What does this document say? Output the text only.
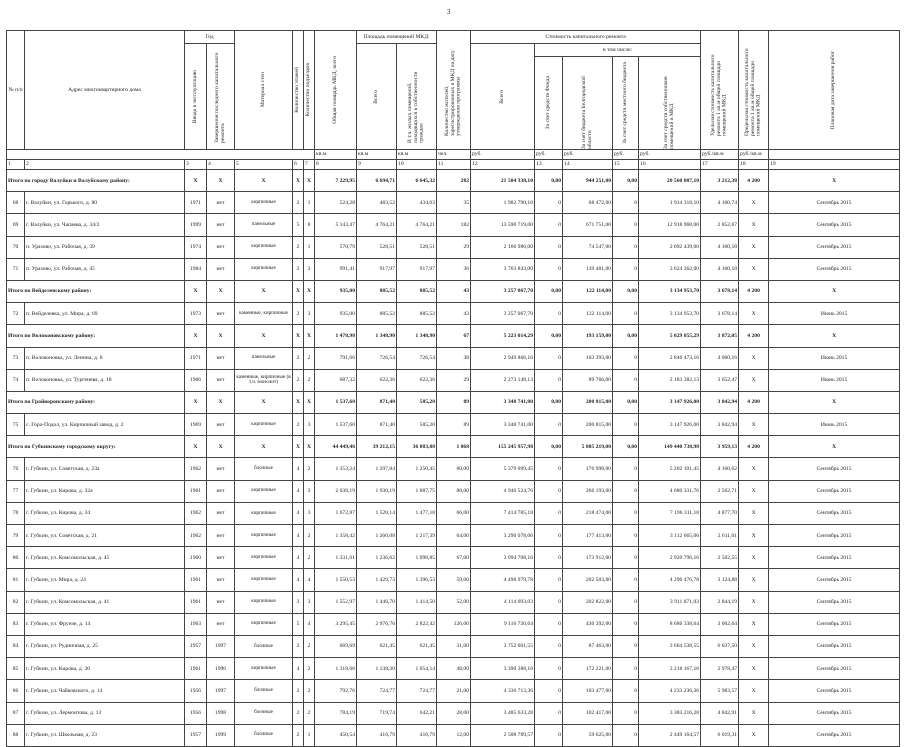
3
№ п/п	Адрес многоквартирного дома	Год		Материал стен	Количество этажей	Количество подъездов	Общая площадь МКД, всего	Площадь помещений МКД:		Количество жителей, зарегистрированных в МКД на дату утверждения программы	Стоимость капитального ремонта					Удельная стоимость капитального ремонта 1 кв.м общей площади помещений МКД	Предельная стоимость капитального ремонта 1 кв.м общей площади помещений МКД	Плановая дата завершения работ

		Ввода в эксплуатацию	Завершения последнего капитального ремонта					Всего	В т.ч. жилых помещений, находящихся в собственности граждан		Всего	в том числе:						

												За счет средств Фонда	За счет бюджета Белгородской области	За счет средств местного бюджета	За счет средств собственников помещений в МКД			

							кв.м	кв.м	кв.м	чел.	руб.	руб.	руб.	руб.	руб.	руб./кв.м	руб./кв.м	
1	2	3	4	5	6	7	8	9	10	11	12	13	14	15	16	17	18	19
Итого по городу Валуйки и Валуйскому району:		X	X	X	X	X	7 229,95	6 694,71	6 645,32	282	21 504 338,10	0,00	944 251,00	0,00	20 560 087,10	3 212,38	4 200	X
68	г. Валуйки, ул. Горького, д. 80	1971	нет	кирпичные	2	1	524,28	483,52	434,63	35	1 982 790,10	0	68 472,00	0	1 914 318,10	4 100,74	X	Сентябрь 2015
69	г. Валуйки, ул. Чапаева, д. 34/2	1999	нет	панельные	5	8	5 143,47	4 764,21	4 764,21	182	13 590 719,00	0	671 751,00	0	12 918 968,00	2 852,67	X	Сентябрь 2015
70	п. Уразово, ул. Рабочая, д. 39	1974	нет	кирпичные	2	1	570,79	528,51	528,51	29	2 166 986,00	0	74 547,00	0	2 092 439,00	4 100,18	X	Сентябрь 2015
71	п. Уразово, ул. Рабочая, д. 45	1984	нет	кирпичные	2	3	991,41	917,97	917,97	36	3 763 843,00	0	139 481,00	0	3 624 362,00	4 100,18	X	Сентябрь 2015
Итого по Вейделевскому району:		X	X	X	X	X	935,00	885,52	885,52	43	3 257 067,70	0,00	122 114,00	0,00	3 134 953,70	3 678,14	4 200	X
72	п. Вейделевка, ул. Мира, д. 69	1973	нет	каменные, кирпичные	2	3	935,00	885,52	885,52	43	3 257 067,70	0	122 114,00	0	3 134 953,70	3 678,14	X	Июнь 2015
Итого по Волоконовскому району:		X	X	X	X	X	1 478,98	1 348,90	1 348,90	67	5 223 014,29	0,00	193 159,00	0,00	5 029 855,29	3 872,05	4 200	X
73	п. Волоконовка, ул. Ленина, д. 8	1971	нет	панельные	2	2	791,66	726,54	726,54	38	2 949 866,16	0	103 393,00	0	2 846 473,16	4 060,16	X	Июнь 2015
74	п. Волоконовка, ул. Тургенева, д. 18	1966	нет	каменные, кирпичные (в т.ч. монолит)	2	2	687,32	622,36	622,36	29	2 273 148,13	0	89 766,00	0	2 183 382,13	3 652,47	X	Июнь 2015
Итого по Грайворонскому району:		X	X	X	X	X	1 537,60	871,40	585,20	89	3 348 741,00	0,00	200 815,00	0,00	3 147 926,00	3 842,94	4 200	X
75	с. Гора-Подол, ул. Кирпичный завод, д. 2	1969	нет	кирпичные	2	3	1 537,60	871,40	585,20	89	3 348 741,00	0	200 815,00	0	3 147 926,00	3 842,94	X	Июнь 2015
Итого по Губкинскому городскому округу:		X	X	X	X	X	44 449,46	39 212,15	36 883,08	1 868	155 245 957,98	0,00	5 805 219,00	0,00	149 440 738,98	3 959,13	4 200	X
76	г. Губкин, ул. Советская, д. 23а	1962	нет	блочные	4	2	1 353,24	1 297,84	1 250,45	60,00	5 379 099,45	0	176 998,00	0	5 202 101,45	4 160,62	X	Сентябрь 2015
77	г. Губкин, ул. Кирова, д. 32а	1961	нет	кирпичные	4	3	2 038,19	1 930,19	1 887,75	88,00	4 946 524,76	0	266 193,00	0	4 680 331,76	2 562,71	X	Сентябрь 2015
78	г. Губкин, ул. Кирова, д. 34	1962	нет	кирпичные	4	3	1 672,87	1 520,14	1 477,18	66,00	7 414 785,18	0	218 474,00	0	7 196 311,18	4 877,70	X	Сентябрь 2015
79	г. Губкин, ул. Советская, д. 21	1962	нет	кирпичные	4	2	1 358,42	1 260,08	1 217,39	64,00	3 290 078,06	0	177 413,00	0	3 112 665,06	2 611,01	X	Сентябрь 2015
80	г. Губкин, ул. Комсомольская, д. 45	1960	нет	кирпичные	4	2	1 331,61	1 236,62	1 098,85	67,00	3 094 708,16	0	173 912,00	0	2 920 796,16	2 502,55	X	Сентябрь 2015
81	г. Губкин, ул. Мира, д. 24	1961	нет	кирпичные	4	4	1 550,53	1 429,73	1 396,53	59,00	4 498 979,78	0	202 503,00	0	4 296 476,78	3 124,88	X	Сентябрь 2015
82	г. Губкин, ул. Комсомольская, д. 41	1961	нет	кирпичные	3	3	1 552,97	1 446,70	1 414,50	52,00	4 114 693,03	0	202 822,00	0	3 911 871,03	2 844,19	X	Сентябрь 2015
83	г. Губкин, ул. Фрунзе, д. 14	1963	нет	кирпичные	5	4	3 295,45	2 976,76	2 822,42	126,00	9 116 730,64	0	430 392,00	0	8 686 338,64	3 062,64	X	Сентябрь 2015
84	г. Губкин, ул. Рудничная, д. 25	1957	1997	блочные	2	2	669,69	621,45	621,45	31,00	3 752 001,55	0	87 463,00	0	3 664 538,55	6 037,50	X	Сентябрь 2015
85	г. Губкин, ул. Кирова, д. 30	1961	1996	кирпичные	4	2	1 318,66	1 138,30	1 054,14	48,00	3 390 388,16	0	172 221,00	0	3 218 167,16	2 978,47	X	Сентябрь 2015
86	г. Губкин, ул. Чайковского, д. 14	1956	1997	блочные	2	2	792,76	724,77	724,77	21,00	4 336 713,36	0	103 477,00	0	4 233 236,36	5 983,57	X	Сентябрь 2015
87	г. Губкин, ул. Лермонтова, д. 13	1956	1998	блочные	2	2	784,19	719,74	642,21	28,00	3 485 633,28	0	102 417,00	0	3 383 216,28	4 842,91	X	Сентябрь 2015
88	г. Губкин, ул. Школьная, д. 23	1957	1999	блочные	2	1	450,54	416,79	416,79	12,00	2 508 789,57	0	59 625,00	0	2 449 164,57	6 019,31	X	Сентябрь 2015
